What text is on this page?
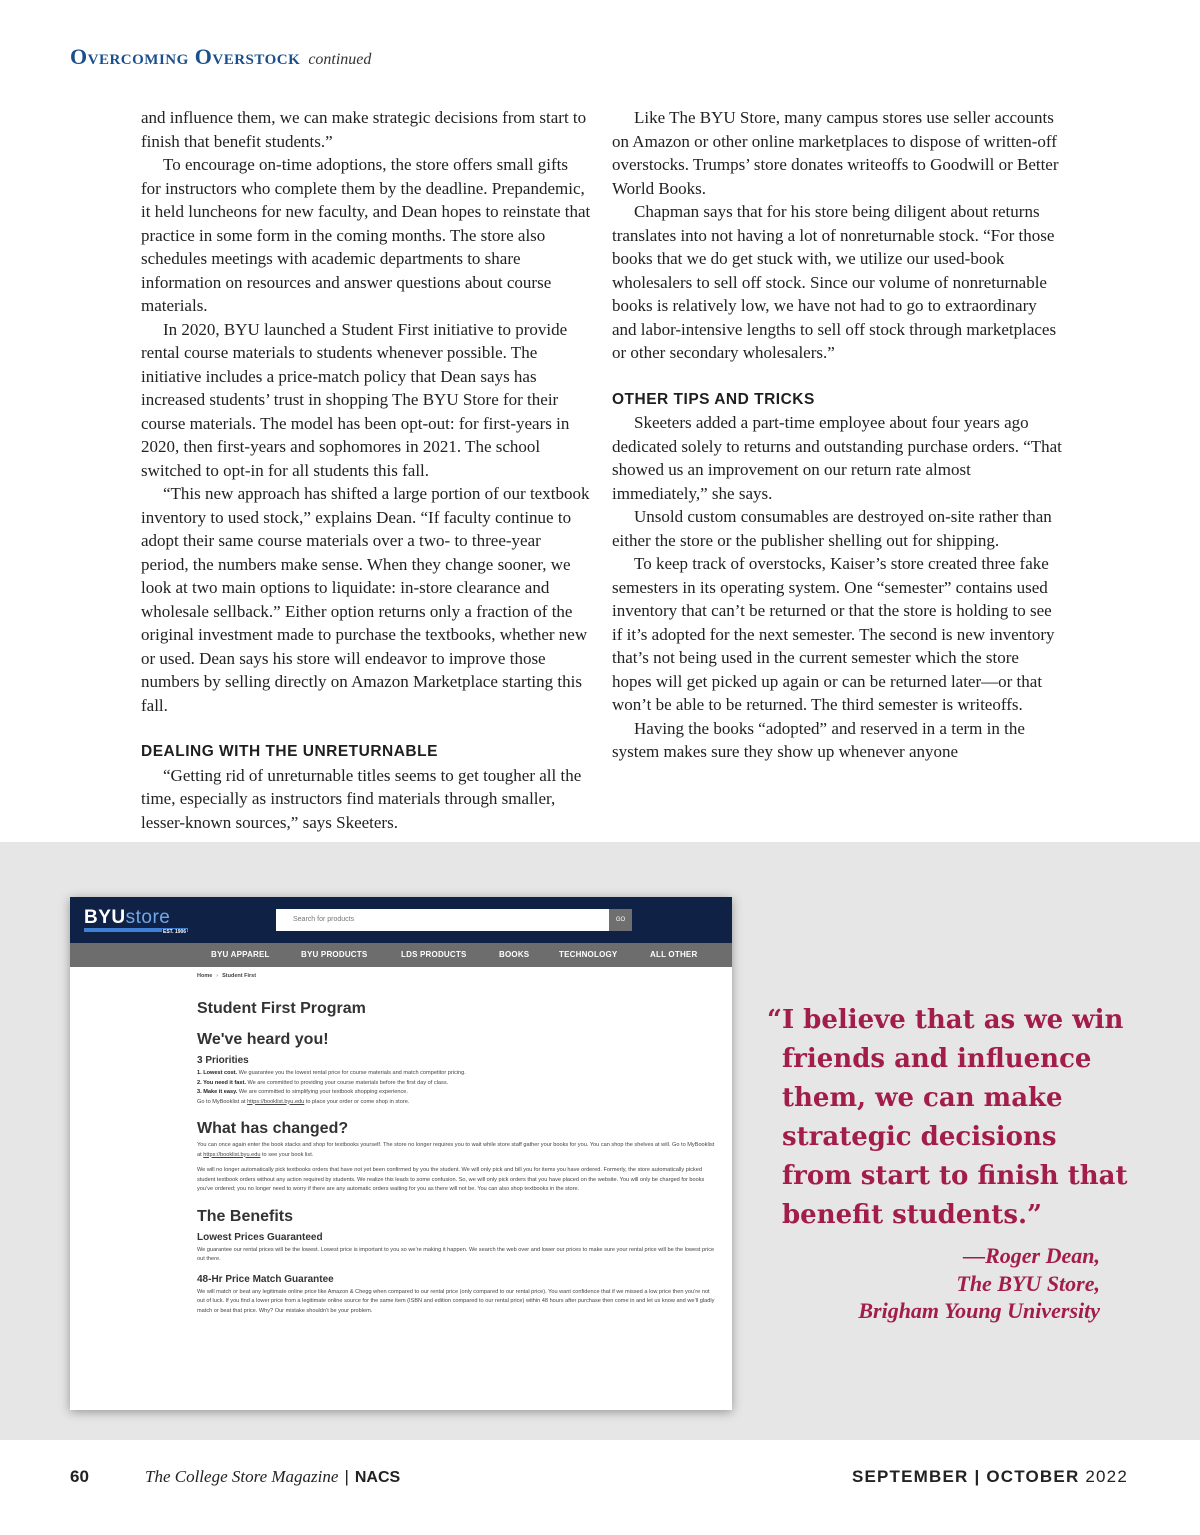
Overcoming Overstock continued

and influence them, we can make strategic decisions from start to finish that benefit students.”

To encourage on-time adoptions, the store offers small gifts for instructors who complete them by the deadline. Prepandemic, it held luncheons for new faculty, and Dean hopes to reinstate that practice in some form in the coming months. The store also schedules meetings with academic departments to share information on resources and answer questions about course materials.

In 2020, BYU launched a Student First initiative to provide rental course materials to students whenever possible. The initiative includes a price-match policy that Dean says has increased students’ trust in shopping The BYU Store for their course materials. The model has been opt-out: for first-years in 2020, then first-years and sophomores in 2021. The school switched to opt-in for all students this fall.

“This new approach has shifted a large portion of our textbook inventory to used stock,” explains Dean. “If faculty continue to adopt their same course materials over a two- to three-year period, the numbers make sense. When they change sooner, we look at two main options to liquidate: in-store clearance and wholesale sellback.” Either option returns only a fraction of the original investment made to purchase the textbooks, whether new or used. Dean says his store will endeavor to improve those numbers by selling directly on Amazon Marketplace starting this fall.

DEALING WITH THE UNRETURNABLE

“Getting rid of unreturnable titles seems to get tougher all the time, especially as instructors find materials through smaller, lesser-known sources,” says Skeeters.

Like The BYU Store, many campus stores use seller accounts on Amazon or other online marketplaces to dispose of written-off overstocks. Trumps’ store donates writeoffs to Goodwill or Better World Books.

Chapman says that for his store being diligent about returns translates into not having a lot of nonreturnable stock. “For those books that we do get stuck with, we utilize our used-book wholesalers to sell off stock. Since our volume of nonreturnable books is relatively low, we have not had to go to extraordinary and labor-intensive lengths to sell off stock through marketplaces or other secondary wholesalers.”

OTHER TIPS AND TRICKS

Skeeters added a part-time employee about four years ago dedicated solely to returns and outstanding purchase orders. “That showed us an improvement on our return rate almost immediately,” she says.

Unsold custom consumables are destroyed on-site rather than either the store or the publisher shelling out for shipping.

To keep track of overstocks, Kaiser’s store created three fake semesters in its operating system. One “semester” contains used inventory that can’t be returned or that the store is holding to see if it’s adopted for the next semester. The second is new inventory that’s not being used in the current semester which the store hopes will get picked up again or can be returned later—or that won’t be able to be returned. The third semester is writeoffs.

Having the books “adopted” and reserved in a term in the system makes sure they show up whenever anyone

BYUstore
EST. 1906
Search for products	GO
BYU APPAREL	BYU PRODUCTS	LDS PRODUCTS	BOOKS	TECHNOLOGY	ALL OTHER
Home › Student First
Student First Program
We've heard you!
3 Priorities
1. Lowest cost. We guarantee you the lowest rental price for course materials and match competitor pricing.
2. You need it fast. We are committed to providing your course materials before the first day of class.
3. Make it easy. We are committed to simplifying your textbook shopping experience.
Go to MyBooklist at https://booklist.byu.edu to place your order or come shop in store.
What has changed?
You can once again enter the book stacks and shop for textbooks yourself. The store no longer requires you to wait while store staff gather your books for you. You can shop the shelves at will. Go to MyBooklist at https://booklist.byu.edu to see your book list.
We will no longer automatically pick textbooks orders that have not yet been confirmed by you the student. We will only pick and bill you for items you have ordered. Formerly, the store automatically picked student textbook orders without any action required by students. We realize this leads to some confusion. So, we will only pick orders that you have placed on the website. You will only be charged for books you’ve ordered; you no longer need to worry if there are any automatic orders waiting for you as there will not be. You can also shop textbooks in the store.
The Benefits
Lowest Prices Guaranteed
We guarantee our rental prices will be the lowest. Lowest price is important to you so we’re making it happen. We search the web over and lower our prices to make sure your rental price will be the lowest price out there.
48-Hr Price Match Guarantee
We will match or beat any legitimate online price like Amazon & Chegg when compared to our rental price (only compared to our rental price). You want confidence that if we missed a low price then you’re not out of luck. If you find a lower price from a legitimate online source for the same item (ISBN and edition compared to our rental price) within 48 hours after purchase then come in and let us know and we’ll gladly match or beat that price. Why? Our mistake shouldn’t be your problem.
“I believe that as we win
friends and influence
them, we can make
strategic decisions
from start to finish that
benefit students.”
—Roger Dean,
The BYU Store,
Brigham Young University
60	The College Store Magazine | NACS	SEPTEMBER | OCTOBER 2022
